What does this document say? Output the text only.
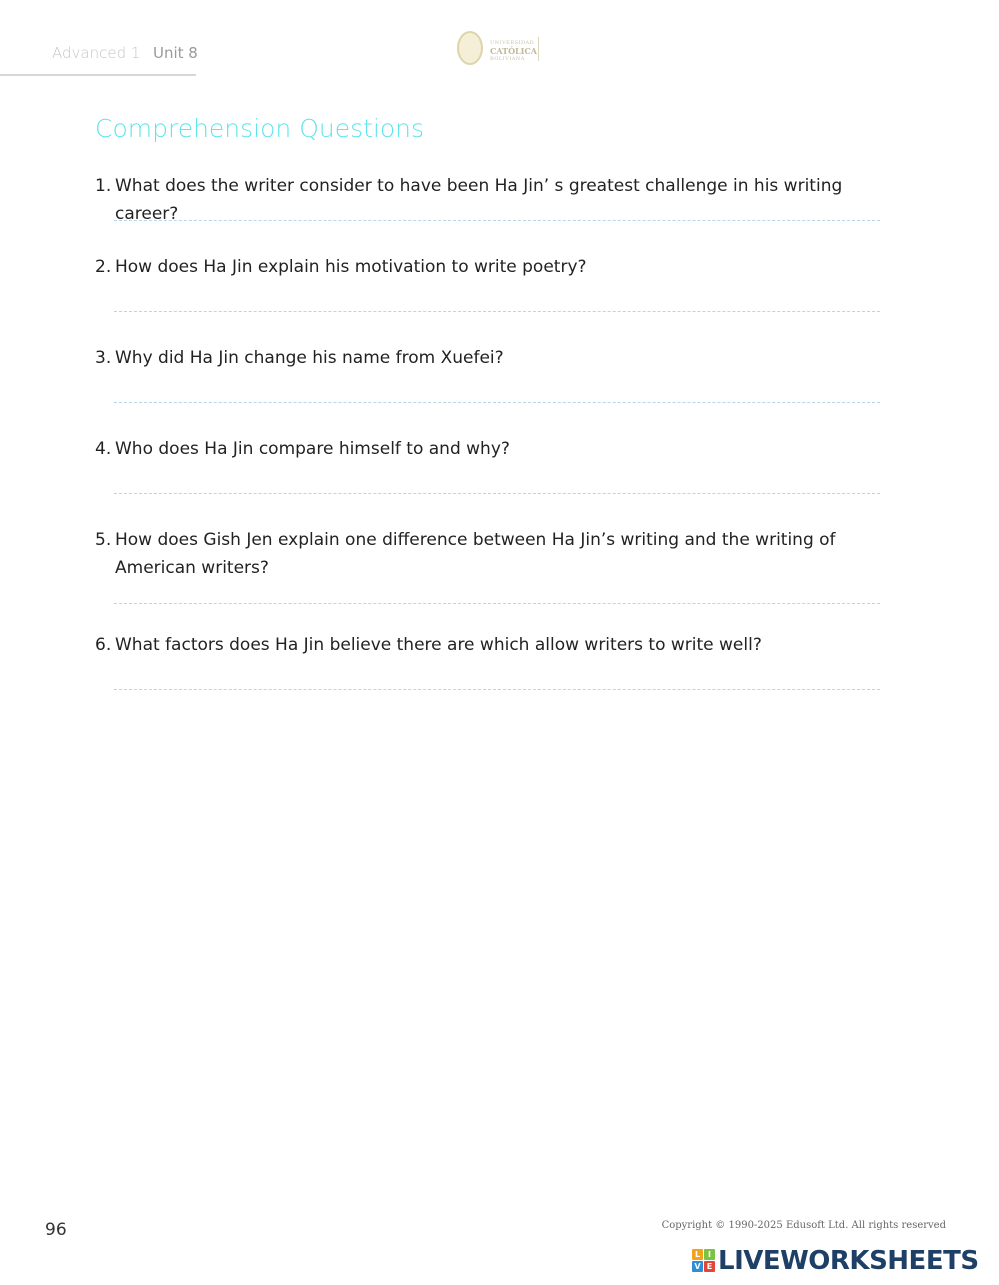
Advanced 1 Unit 8
UNIVERSIDAD
CATÓLICA
BOLIVIANA
Comprehension Questions
1. What does the writer consider to have been Ha Jin’ s greatest challenge in his writing career?
2. How does Ha Jin explain his motivation to write poetry?
3. Why did Ha Jin change his name from Xuefei?
4. Who does Ha Jin compare himself to and why?
5. How does Gish Jen explain one difference between Ha Jin’s writing and the writing of American writers?
6. What factors does Ha Jin believe there are which allow writers to write well?
96	Copyright © 1990-2025 Edusoft Ltd. All rights reserved
L I
V E LIVEWORKSHEETS
